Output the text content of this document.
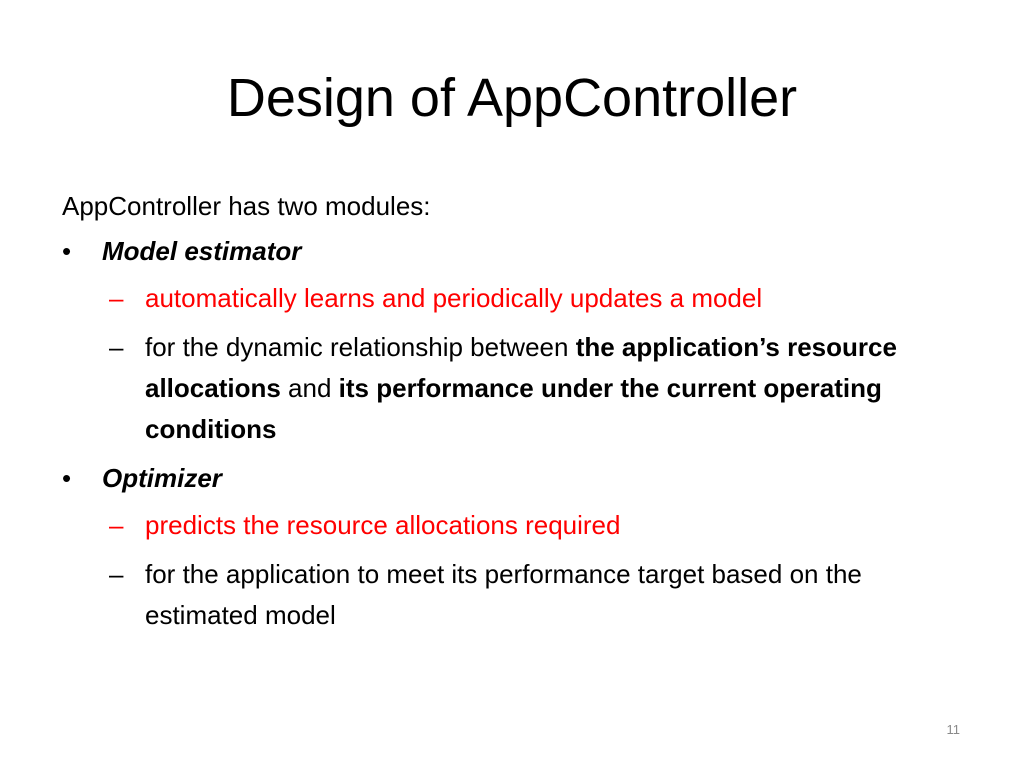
Design of AppController

AppController has two modules:

•	Model estimator
– automatically learns and periodically updates a model
– for the dynamic relationship between the application’s resource allocations and its performance under the current operating conditions
•	Optimizer
– predicts the resource allocations required
– for the application to meet its performance target based on the estimated model
11
